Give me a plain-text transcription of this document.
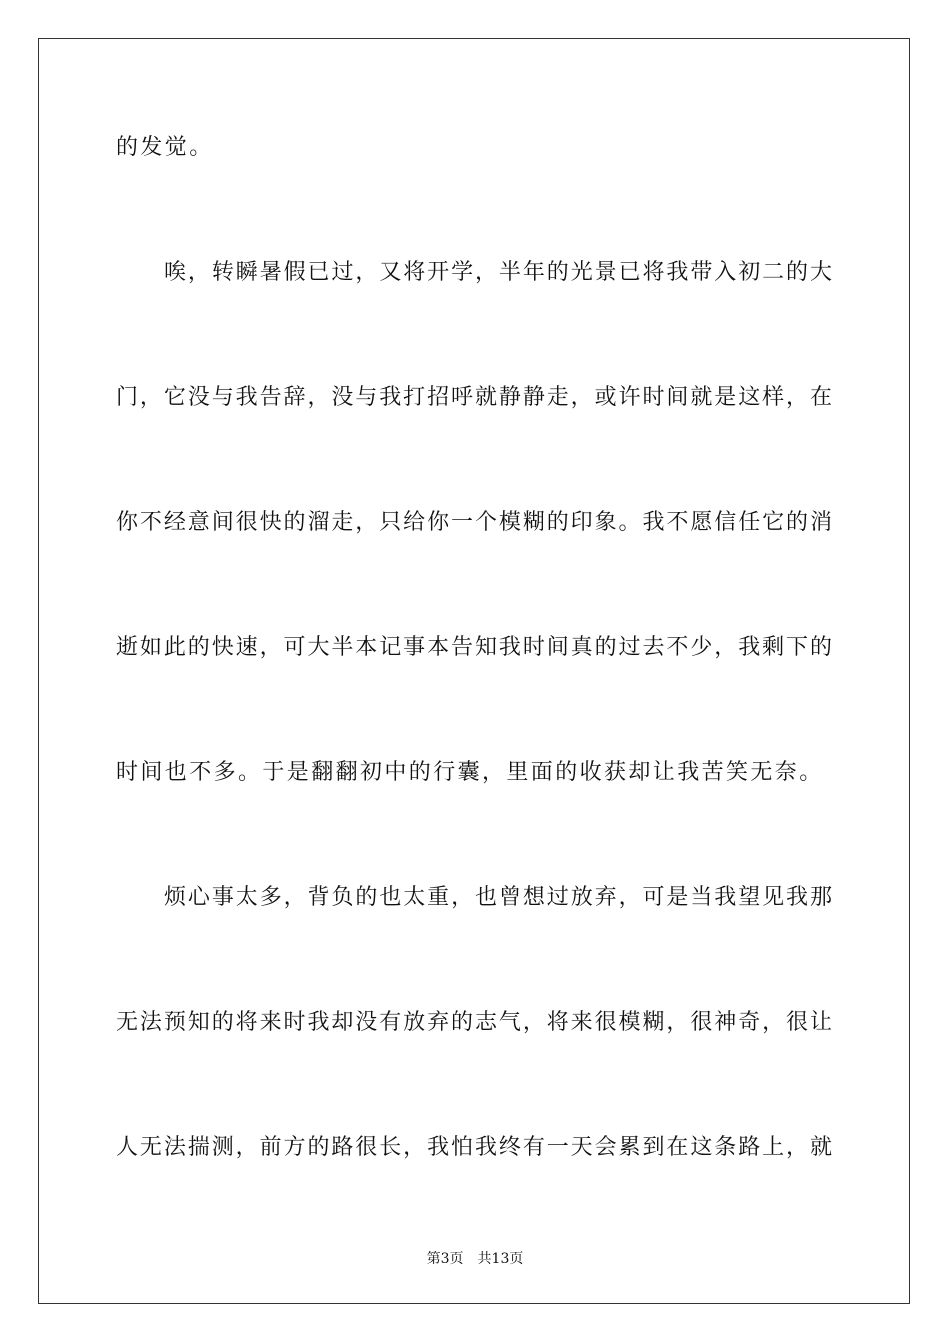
的发觉。
唉，转瞬暑假已过，又将开学，半年的光景已将我带入初二的大
门，它没与我告辞，没与我打招呼就静静走，或许时间就是这样，在
你不经意间很快的溜走，只给你一个模糊的印象。我不愿信任它的消
逝如此的快速，可大半本记事本告知我时间真的过去不少，我剩下的
时间也不多。于是翻翻初中的行囊，里面的收获却让我苦笑无奈。
烦心事太多，背负的也太重，也曾想过放弃，可是当我望见我那
无法预知的将来时我却没有放弃的志气，将来很模糊，很神奇，很让
人无法揣测，前方的路很长，我怕我终有一天会累到在这条路上，就
第3页 共13页
